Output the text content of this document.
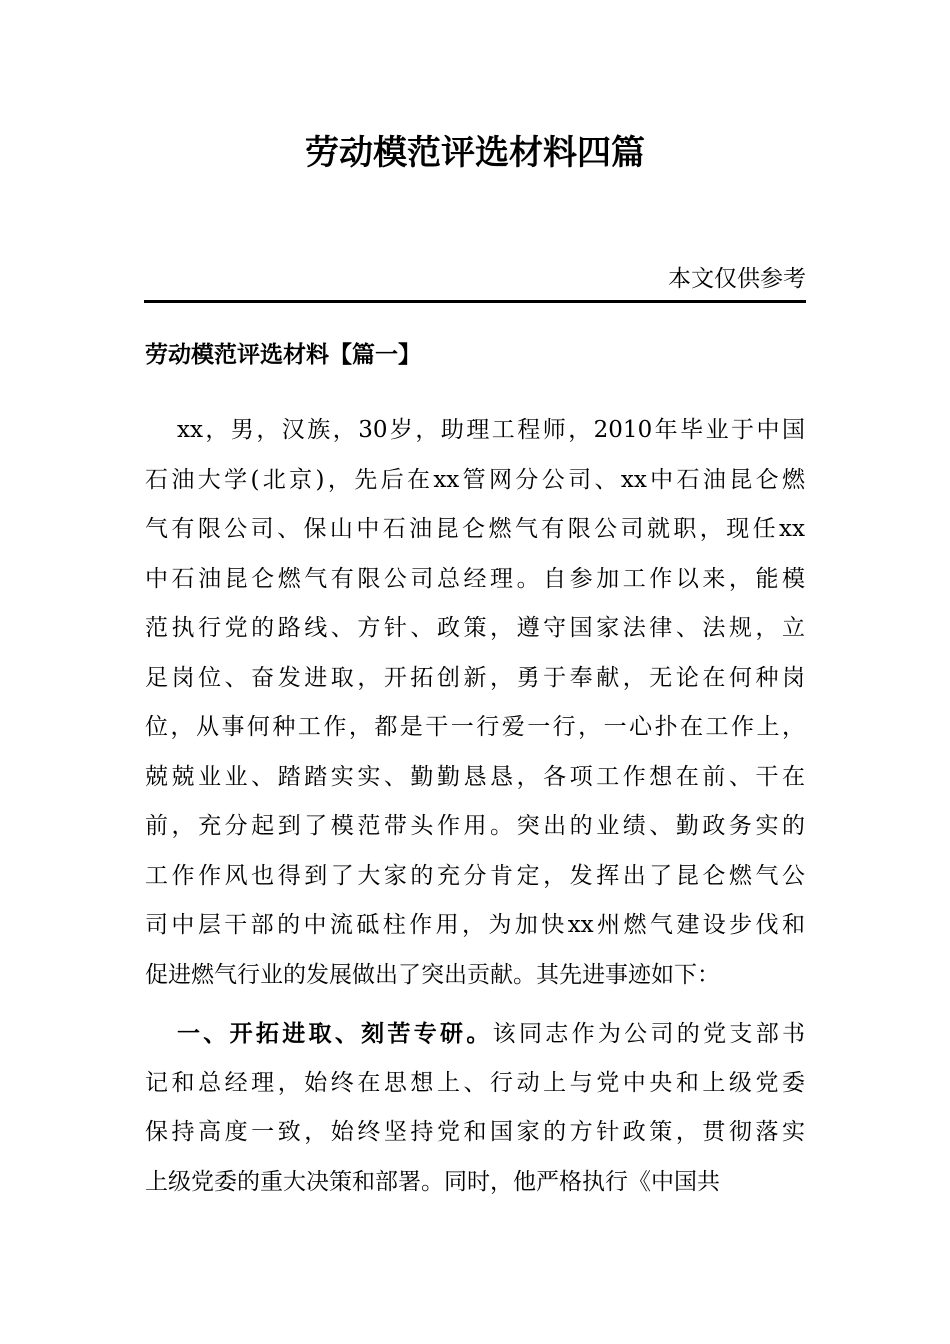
劳动模范评选材料四篇
本文仅供参考
劳动模范评选材料【篇一】
xx，男，汉族，30岁，助理工程师，2010年毕业于中国
石油大学(北京)，先后在xx管网分公司、xx中石油昆仑燃
气有限公司、保山中石油昆仑燃气有限公司就职，现任xx
中石油昆仑燃气有限公司总经理。自参加工作以来，能模
范执行党的路线、方针、政策，遵守国家法律、法规，立
足岗位、奋发进取，开拓创新，勇于奉献，无论在何种岗
位，从事何种工作，都是干一行爱一行，一心扑在工作上，
兢兢业业、踏踏实实、勤勤恳恳，各项工作想在前、干在
前，充分起到了模范带头作用。突出的业绩、勤政务实的
工作作风也得到了大家的充分肯定，发挥出了昆仑燃气公
司中层干部的中流砥柱作用，为加快xx州燃气建设步伐和
促进燃气行业的发展做出了突出贡献。其先进事迹如下：
一、开拓进取、刻苦专研。该同志作为公司的党支部书
记和总经理，始终在思想上、行动上与党中央和上级党委
保持高度一致，始终坚持党和国家的方针政策，贯彻落实
上级党委的重大决策和部署。同时，他严格执行《中国共
